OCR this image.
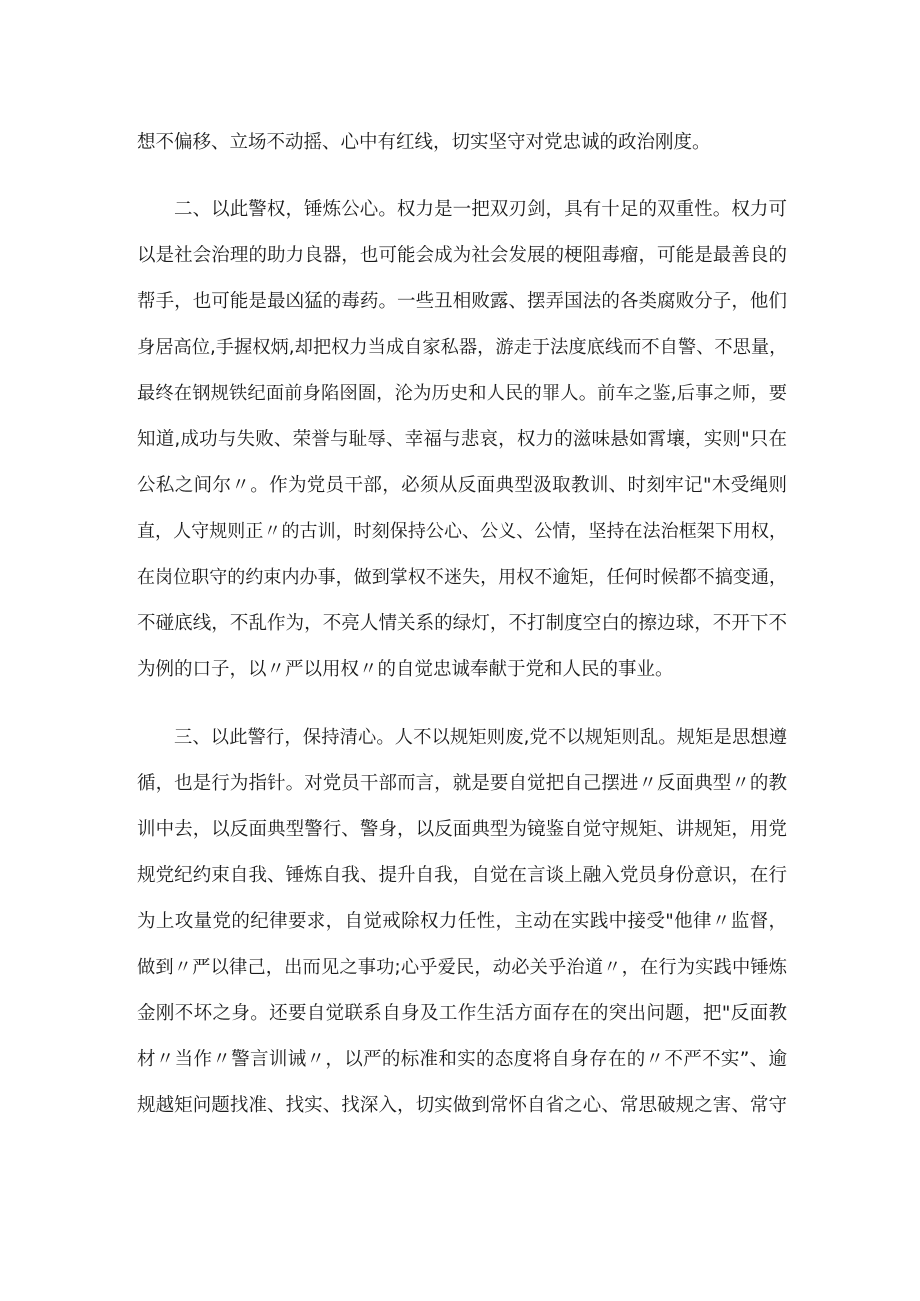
想不偏移、立场不动摇、心中有红线，切实坚守对党忠诚的政治刚度。
二、以此警权，锤炼公心。权力是一把双刃剑，具有十足的双重性。权力可
以是社会治理的助力良器，也可能会成为社会发展的梗阻毒瘤，可能是最善良的
帮手，也可能是最凶猛的毒药。一些丑相败露、摆弄国法的各类腐败分子，他们
身居高位,手握权炳,却把权力当成自家私器，游走于法度底线而不自警、不思量，
最终在钢规铁纪面前身陷囹圄，沦为历史和人民的罪人。前车之鉴,后事之师，要
知道,成功与失败、荣誉与耻辱、幸福与悲哀，权力的滋味悬如霄壤，实则"只在
公私之间尔〃。作为党员干部，必须从反面典型汲取教训、时刻牢记"木受绳则
直，人守规则正〃的古训，时刻保持公心、公义、公情，坚持在法治框架下用权，
在岗位职守的约束内办事，做到掌权不迷失，用权不逾矩，任何时候都不搞变通，
不碰底线，不乱作为，不亮人情关系的绿灯，不打制度空白的擦边球，不开下不
为例的口子，以〃严以用权〃的自觉忠诚奉献于党和人民的事业。
三、以此警行，保持清心。人不以规矩则废,党不以规矩则乱。规矩是思想遵
循，也是行为指针。对党员干部而言，就是要自觉把自己摆进〃反面典型〃的教
训中去，以反面典型警行、警身，以反面典型为镜鉴自觉守规矩、讲规矩，用党
规党纪约束自我、锤炼自我、提升自我，自觉在言谈上融入党员身份意识，在行
为上攻量党的纪律要求，自觉戒除权力任性，主动在实践中接受"他律〃监督，
做到〃严以律己，出而见之事功;心乎爱民，动必关乎治道〃，在行为实践中锤炼
金刚不坏之身。还要自觉联系自身及工作生活方面存在的突出问题，把"反面教
材〃当作〃警言训诫〃，以严的标准和实的态度将自身存在的〃不严不实”、逾
规越矩问题找准、找实、找深入，切实做到常怀自省之心、常思破规之害、常守
